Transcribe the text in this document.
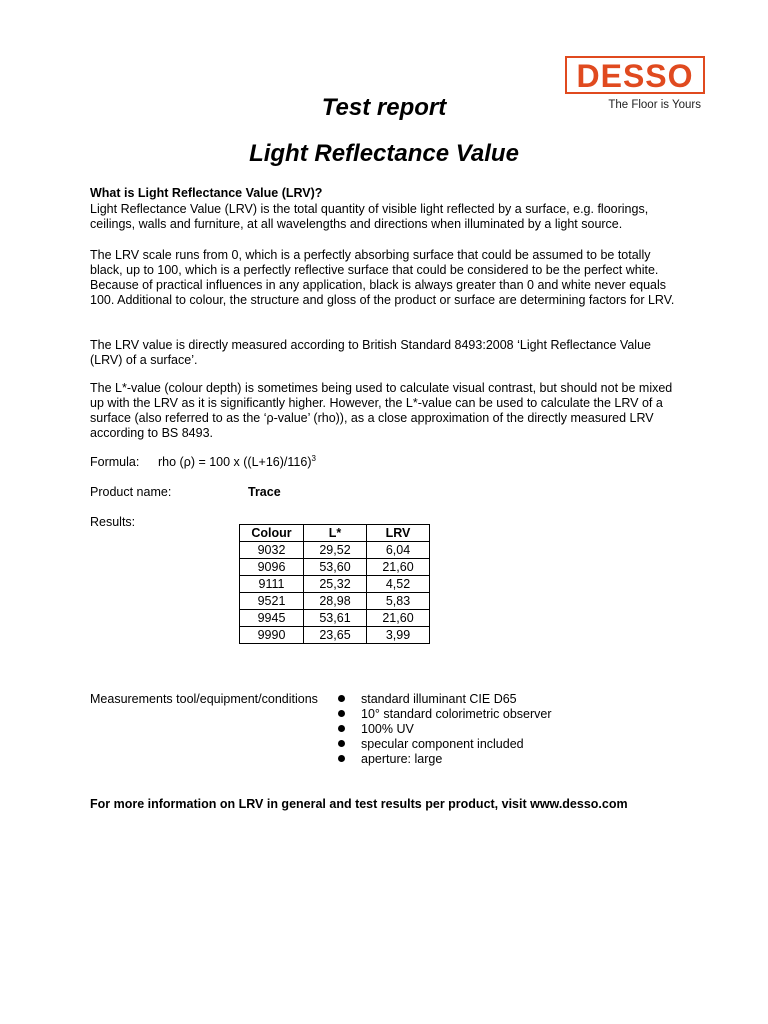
DESSO
The Floor is Yours
Test report
Light Reflectance Value
What is Light Reflectance Value (LRV)?
Light Reflectance Value (LRV) is the total quantity of visible light reflected by a surface, e.g. floorings, ceilings, walls and furniture, at all wavelengths and directions when illuminated by a light source.
The LRV scale runs from 0, which is a perfectly absorbing surface that could be assumed to be totally black, up to 100, which is a perfectly reflective surface that could be considered to be the perfect white. Because of practical influences in any application, black is always greater than 0 and white never equals 100. Additional to colour, the structure and gloss of the product or surface are determining factors for LRV.
The LRV value is directly measured according to British Standard 8493:2008 ‘Light Reflectance Value (LRV) of a surface’.
The L*-value (colour depth) is sometimes being used to calculate visual contrast, but should not be mixed up with the LRV as it is significantly higher. However, the L*-value can be used to calculate the LRV of a surface (also referred to as the ‘ρ-value’ (rho)), as a close approximation of the directly measured LRV according to BS 8493.
Formula: rho (ρ) = 100 x $((L+16)/116)^3$
Product name:	Trace
Results:
Colour	L*	LRV
9032	29,52	6,04
9096	53,60	21,60
9111	25,32	4,52
9521	28,98	5,83
9945	53,61	21,60
9990	23,65	3,99
Measurements tool/equipment/conditions	standard illuminant CIE D65
10° standard colorimetric observer
100% UV
specular component included
aperture: large
For more information on LRV in general and test results per product, visit www.desso.com
